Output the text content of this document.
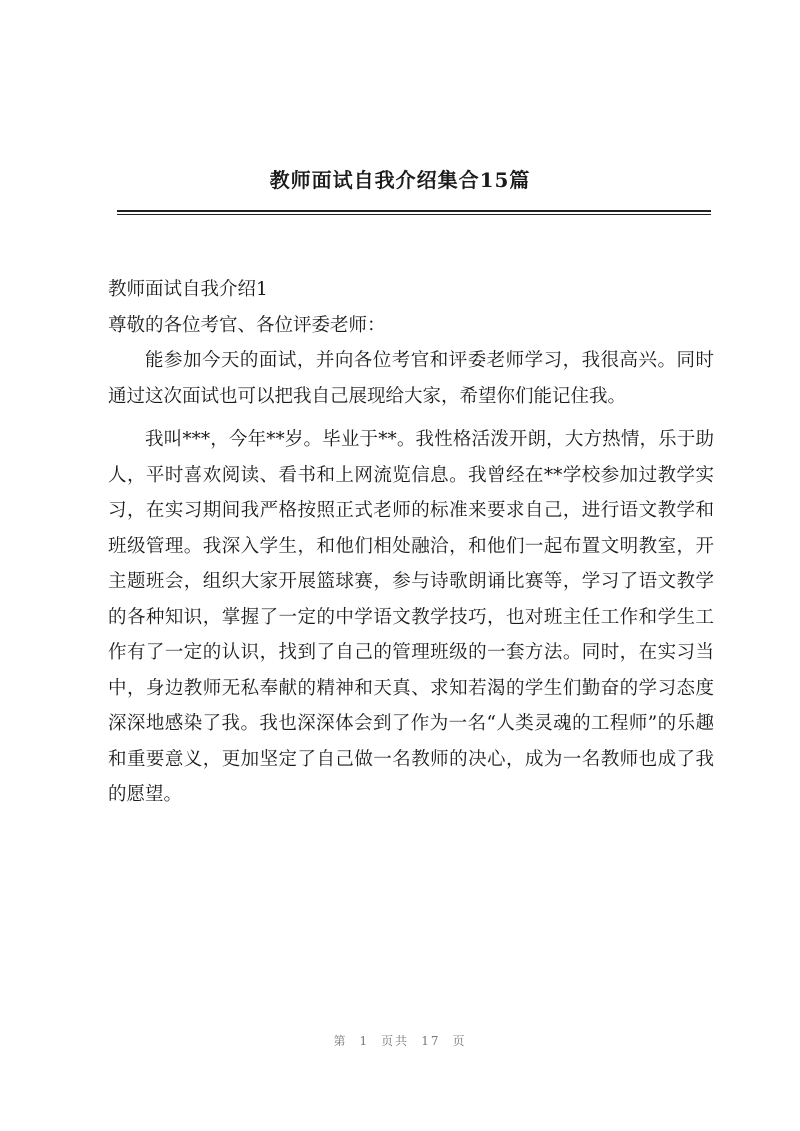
教师面试自我介绍集合15篇

教师面试自我介绍1

尊敬的各位考官、各位评委老师：

能参加今天的面试，并向各位考官和评委老师学习，我很高兴。同时通过这次面试也可以把我自己展现给大家，希望你们能记住我。

我叫***，今年**岁。毕业于**。我性格活泼开朗，大方热情，乐于助人，平时喜欢阅读、看书和上网流览信息。我曾经在**学校参加过教学实习，在实习期间我严格按照正式老师的标准来要求自己，进行语文教学和班级管理。我深入学生，和他们相处融洽，和他们一起布置文明教室，开主题班会，组织大家开展篮球赛，参与诗歌朗诵比赛等，学习了语文教学的各种知识，掌握了一定的中学语文教学技巧，也对班主任工作和学生工作有了一定的认识，找到了自己的管理班级的一套方法。同时，在实习当中，身边教师无私奉献的精神和天真、求知若渴的学生们勤奋的学习态度深深地感染了我。我也深深体会到了作为一名“人类灵魂的工程师”的乐趣和重要意义，更加坚定了自己做一名教师的决心，成为一名教师也成了我的愿望。

第 1 页共 17 页
